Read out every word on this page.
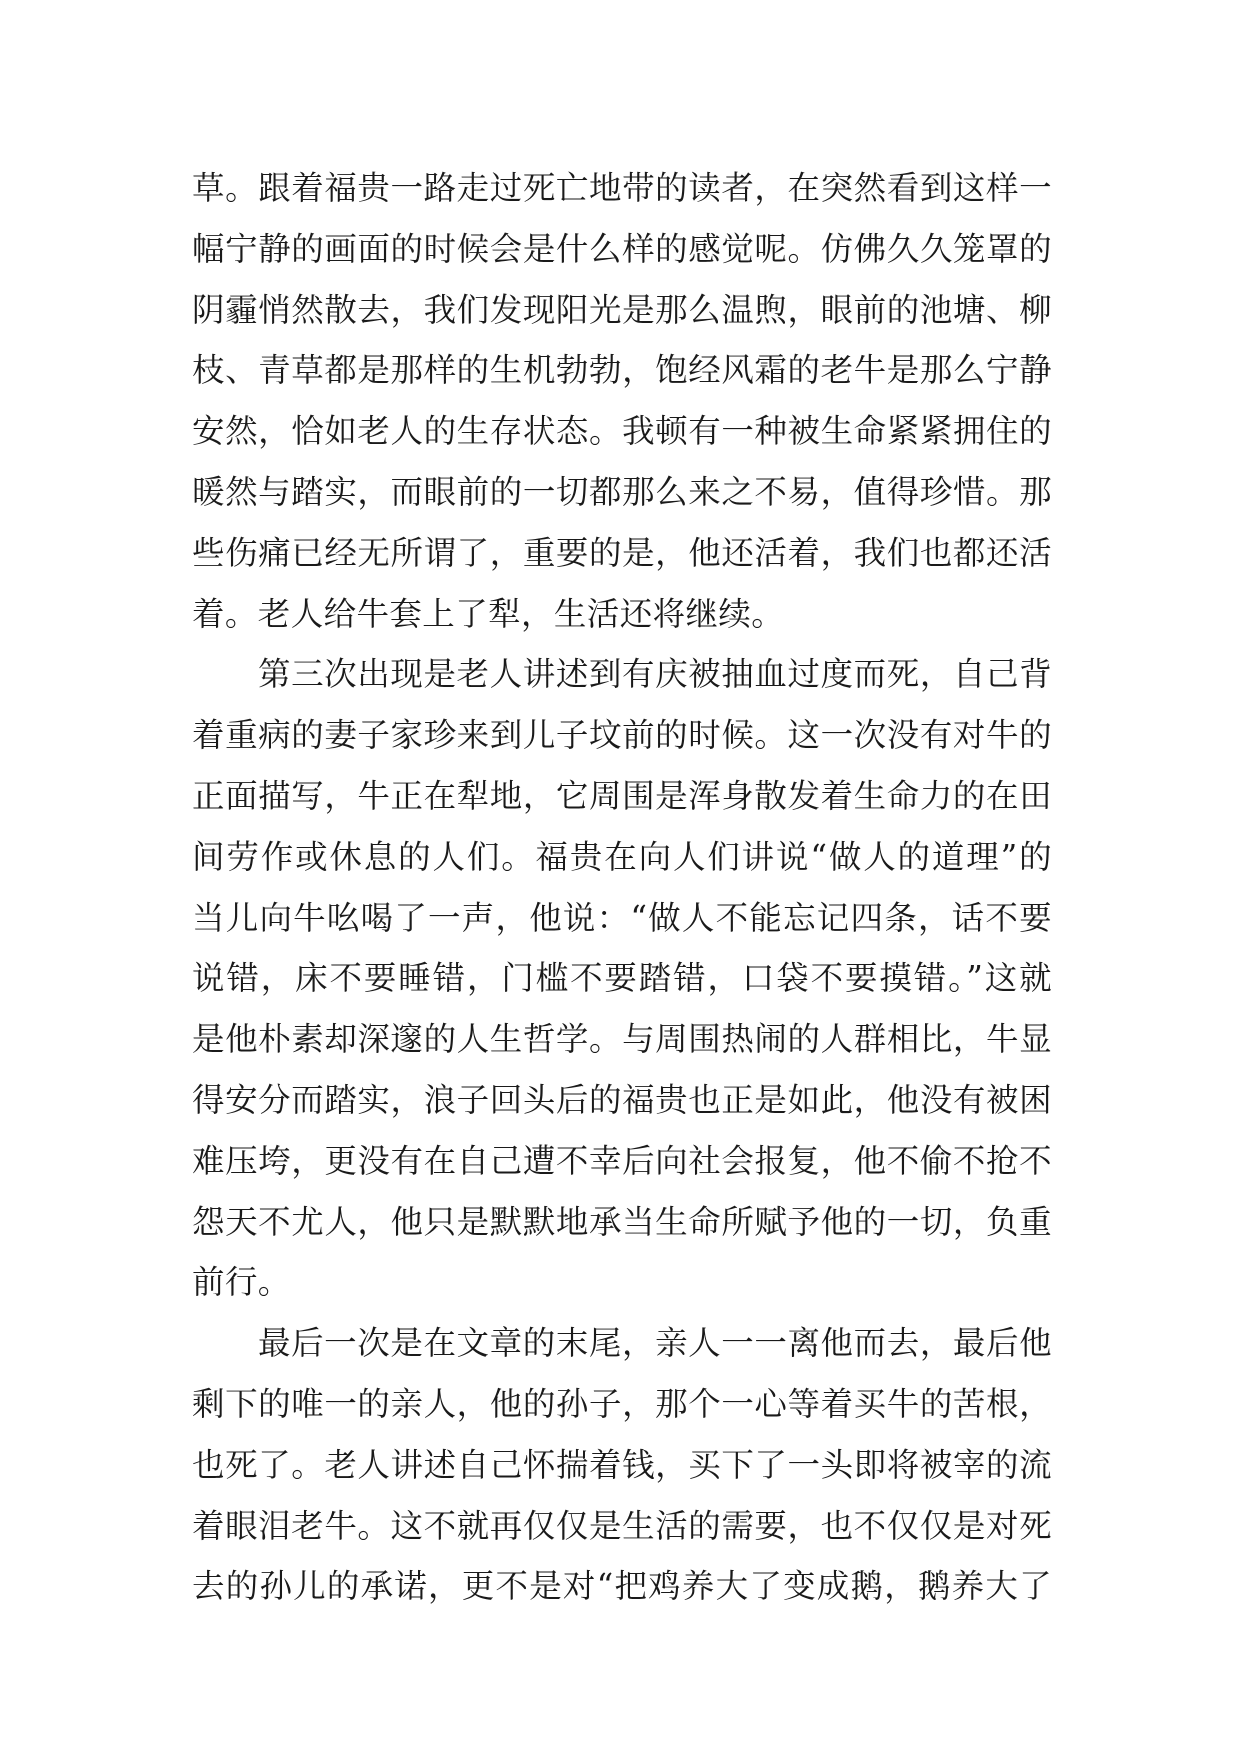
草。跟着福贵一路走过死亡地带的读者，在突然看到这样一
幅宁静的画面的时候会是什么样的感觉呢。仿佛久久笼罩的
阴霾悄然散去，我们发现阳光是那么温煦，眼前的池塘、柳
枝、青草都是那样的生机勃勃，饱经风霜的老牛是那么宁静
安然，恰如老人的生存状态。我顿有一种被生命紧紧拥住的
暖然与踏实，而眼前的一切都那么来之不易，值得珍惜。那
些伤痛已经无所谓了，重要的是，他还活着，我们也都还活
着。老人给牛套上了犁，生活还将继续。
第三次出现是老人讲述到有庆被抽血过度而死，自己背
着重病的妻子家珍来到儿子坟前的时候。这一次没有对牛的
正面描写，牛正在犁地，它周围是浑身散发着生命力的在田
间劳作或休息的人们。福贵在向人们讲说“做人的道理”的
当儿向牛吆喝了一声，他说：“做人不能忘记四条，话不要
说错，床不要睡错，门槛不要踏错，口袋不要摸错。”这就
是他朴素却深邃的人生哲学。与周围热闹的人群相比，牛显
得安分而踏实，浪子回头后的福贵也正是如此，他没有被困
难压垮，更没有在自己遭不幸后向社会报复，他不偷不抢不
怨天不尤人，他只是默默地承当生命所赋予他的一切，负重
前行。
最后一次是在文章的末尾，亲人一一离他而去，最后他
剩下的唯一的亲人，他的孙子，那个一心等着买牛的苦根，
也死了。老人讲述自己怀揣着钱，买下了一头即将被宰的流
着眼泪老牛。这不就再仅仅是生活的需要，也不仅仅是对死
去的孙儿的承诺，更不是对“把鸡养大了变成鹅，鹅养大了
